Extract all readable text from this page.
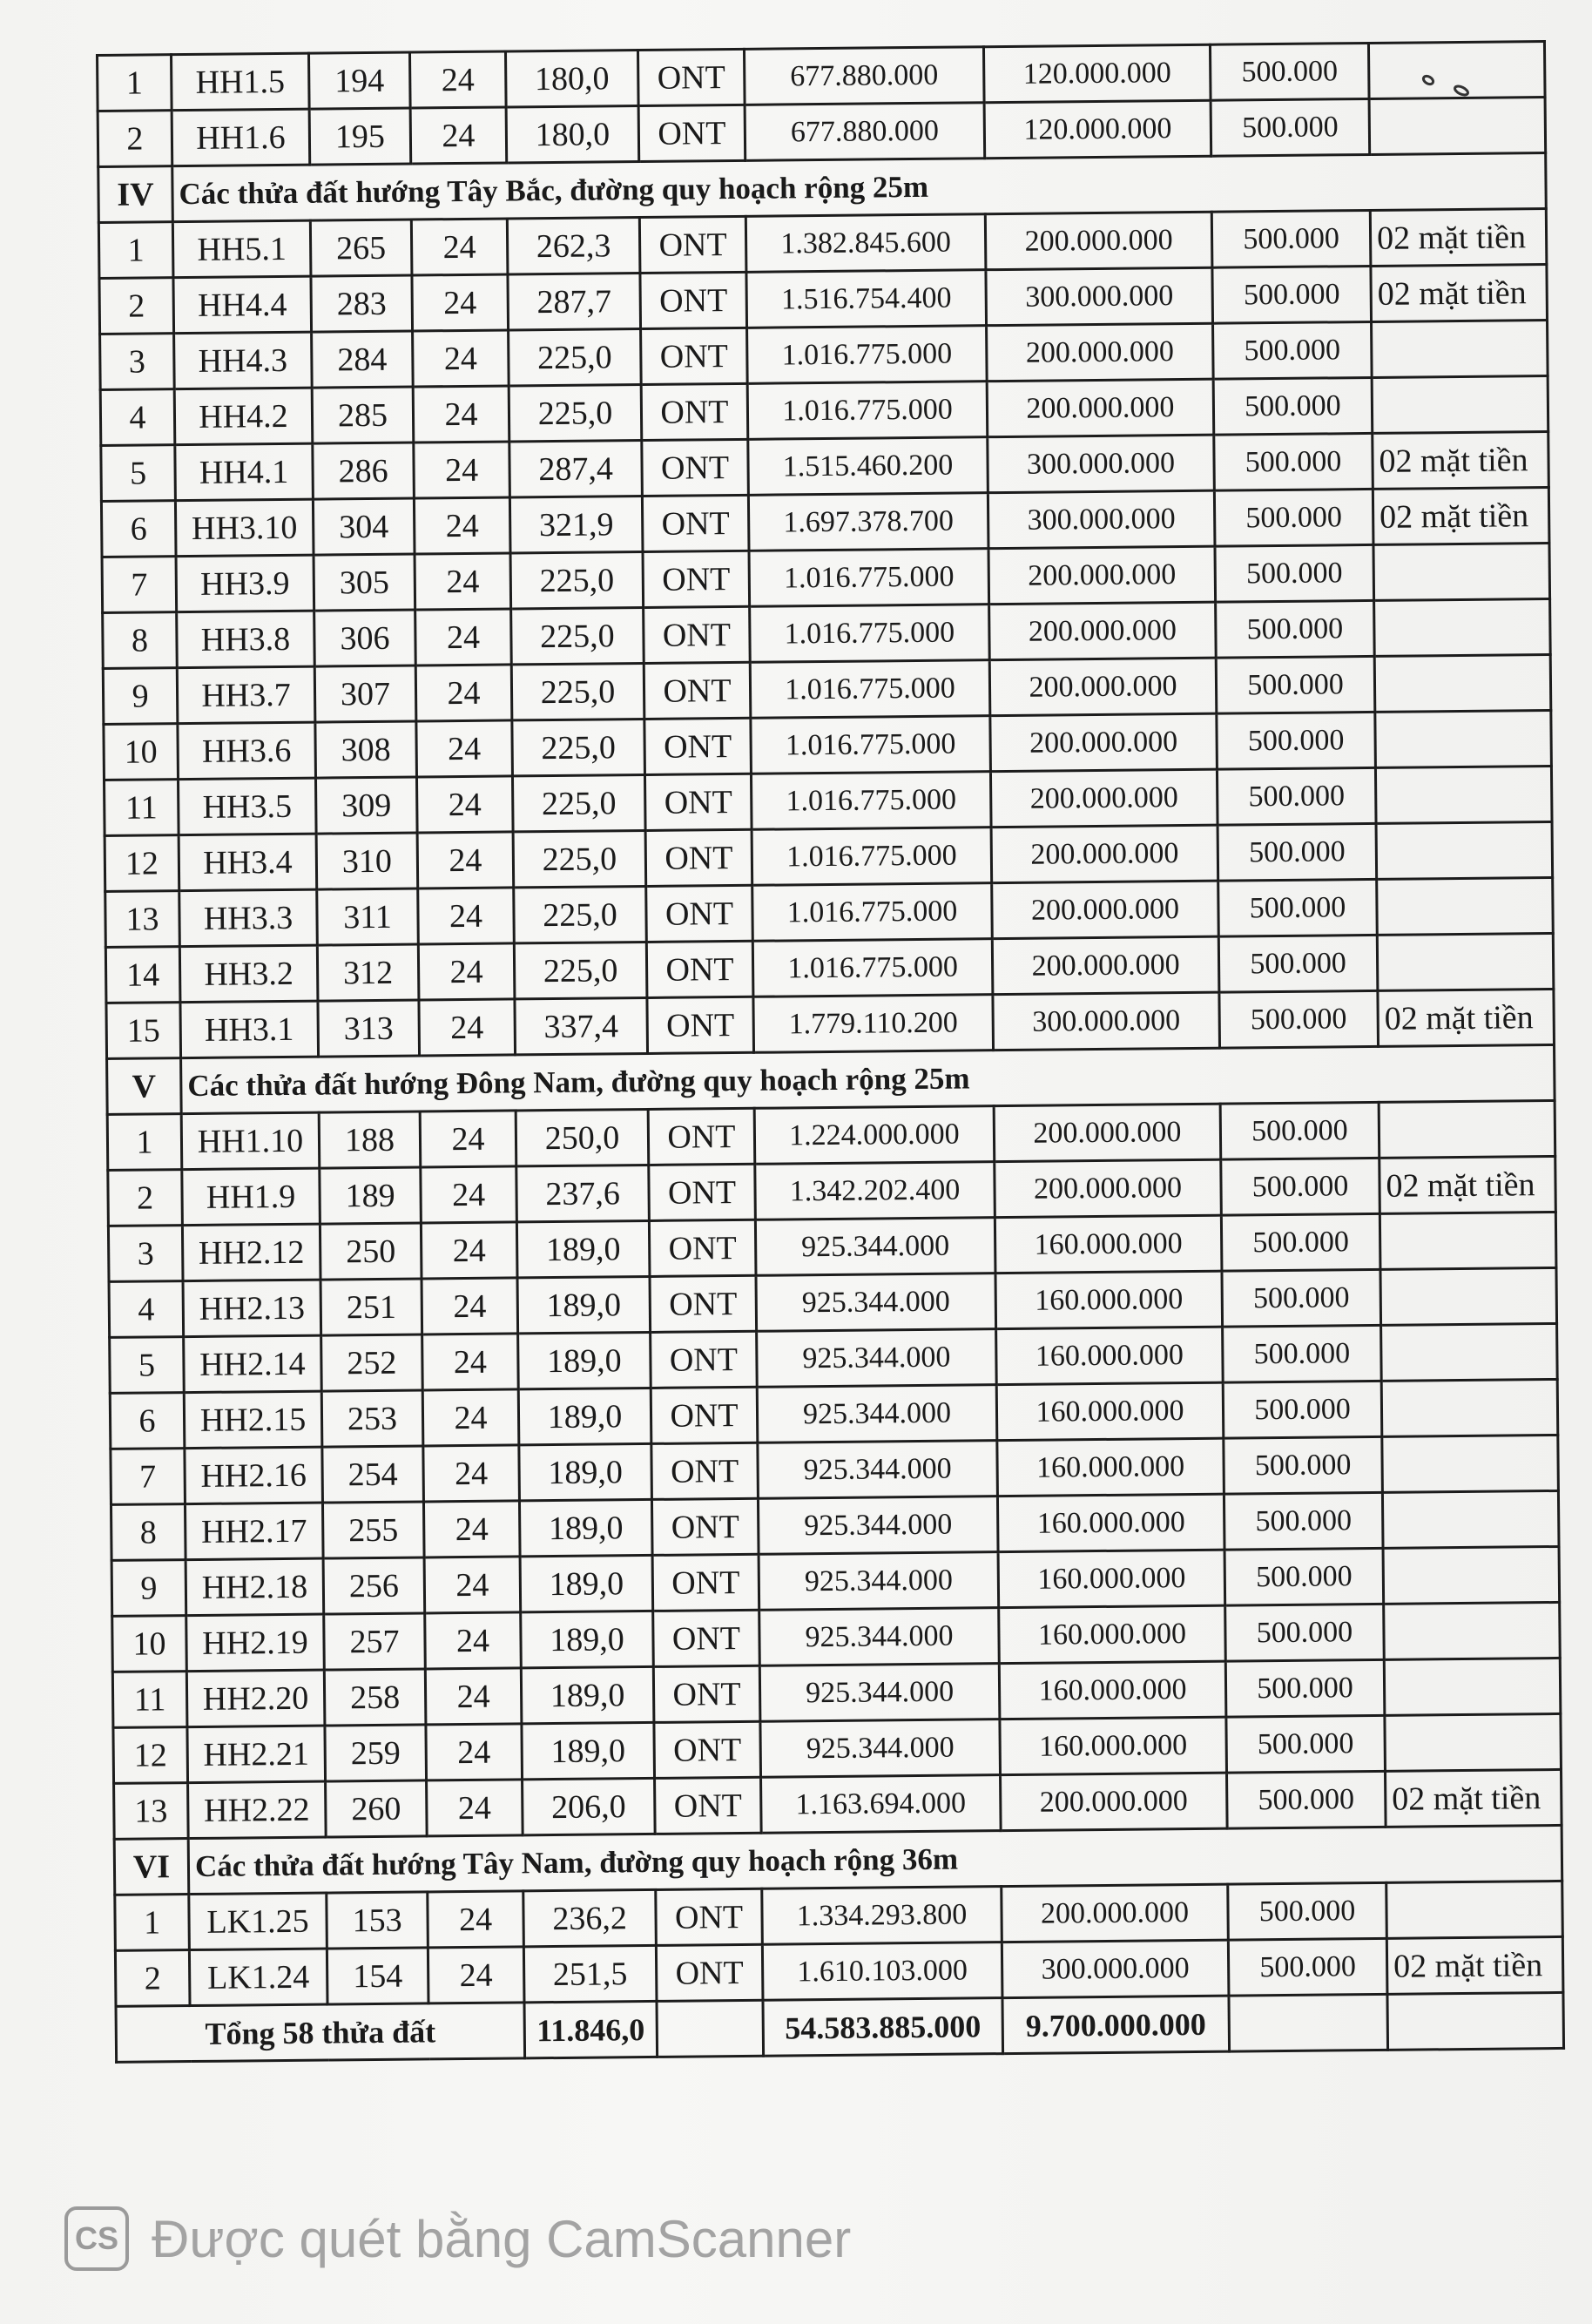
1	HH1.5	194	24	180,0	ONT	677.880.000	120.000.000	500.000	
2	HH1.6	195	24	180,0	ONT	677.880.000	120.000.000	500.000	
IV	Các thửa đất hướng Tây Bắc, đường quy hoạch rộng 25m								
1	HH5.1	265	24	262,3	ONT	1.382.845.600	200.000.000	500.000	02 mặt tiền
2	HH4.4	283	24	287,7	ONT	1.516.754.400	300.000.000	500.000	02 mặt tiền
3	HH4.3	284	24	225,0	ONT	1.016.775.000	200.000.000	500.000	
4	HH4.2	285	24	225,0	ONT	1.016.775.000	200.000.000	500.000	
5	HH4.1	286	24	287,4	ONT	1.515.460.200	300.000.000	500.000	02 mặt tiền
6	HH3.10	304	24	321,9	ONT	1.697.378.700	300.000.000	500.000	02 mặt tiền
7	HH3.9	305	24	225,0	ONT	1.016.775.000	200.000.000	500.000	
8	HH3.8	306	24	225,0	ONT	1.016.775.000	200.000.000	500.000	
9	HH3.7	307	24	225,0	ONT	1.016.775.000	200.000.000	500.000	
10	HH3.6	308	24	225,0	ONT	1.016.775.000	200.000.000	500.000	
11	HH3.5	309	24	225,0	ONT	1.016.775.000	200.000.000	500.000	
12	HH3.4	310	24	225,0	ONT	1.016.775.000	200.000.000	500.000	
13	HH3.3	311	24	225,0	ONT	1.016.775.000	200.000.000	500.000	
14	HH3.2	312	24	225,0	ONT	1.016.775.000	200.000.000	500.000	
15	HH3.1	313	24	337,4	ONT	1.779.110.200	300.000.000	500.000	02 mặt tiền
V	Các thửa đất hướng Đông Nam, đường quy hoạch rộng 25m								
1	HH1.10	188	24	250,0	ONT	1.224.000.000	200.000.000	500.000	
2	HH1.9	189	24	237,6	ONT	1.342.202.400	200.000.000	500.000	02 mặt tiền
3	HH2.12	250	24	189,0	ONT	925.344.000	160.000.000	500.000	
4	HH2.13	251	24	189,0	ONT	925.344.000	160.000.000	500.000	
5	HH2.14	252	24	189,0	ONT	925.344.000	160.000.000	500.000	
6	HH2.15	253	24	189,0	ONT	925.344.000	160.000.000	500.000	
7	HH2.16	254	24	189,0	ONT	925.344.000	160.000.000	500.000	
8	HH2.17	255	24	189,0	ONT	925.344.000	160.000.000	500.000	
9	HH2.18	256	24	189,0	ONT	925.344.000	160.000.000	500.000	
10	HH2.19	257	24	189,0	ONT	925.344.000	160.000.000	500.000	
11	HH2.20	258	24	189,0	ONT	925.344.000	160.000.000	500.000	
12	HH2.21	259	24	189,0	ONT	925.344.000	160.000.000	500.000	
13	HH2.22	260	24	206,0	ONT	1.163.694.000	200.000.000	500.000	02 mặt tiền
VI	Các thửa đất hướng Tây Nam, đường quy hoạch rộng 36m								
1	LK1.25	153	24	236,2	ONT	1.334.293.800	200.000.000	500.000	
2	LK1.24	154	24	251,5	ONT	1.610.103.000	300.000.000	500.000	02 mặt tiền
Tổng 58 thửa đất				11.846,0		54.583.885.000	9.700.000.000		
CS Được quét bằng CamScanner
